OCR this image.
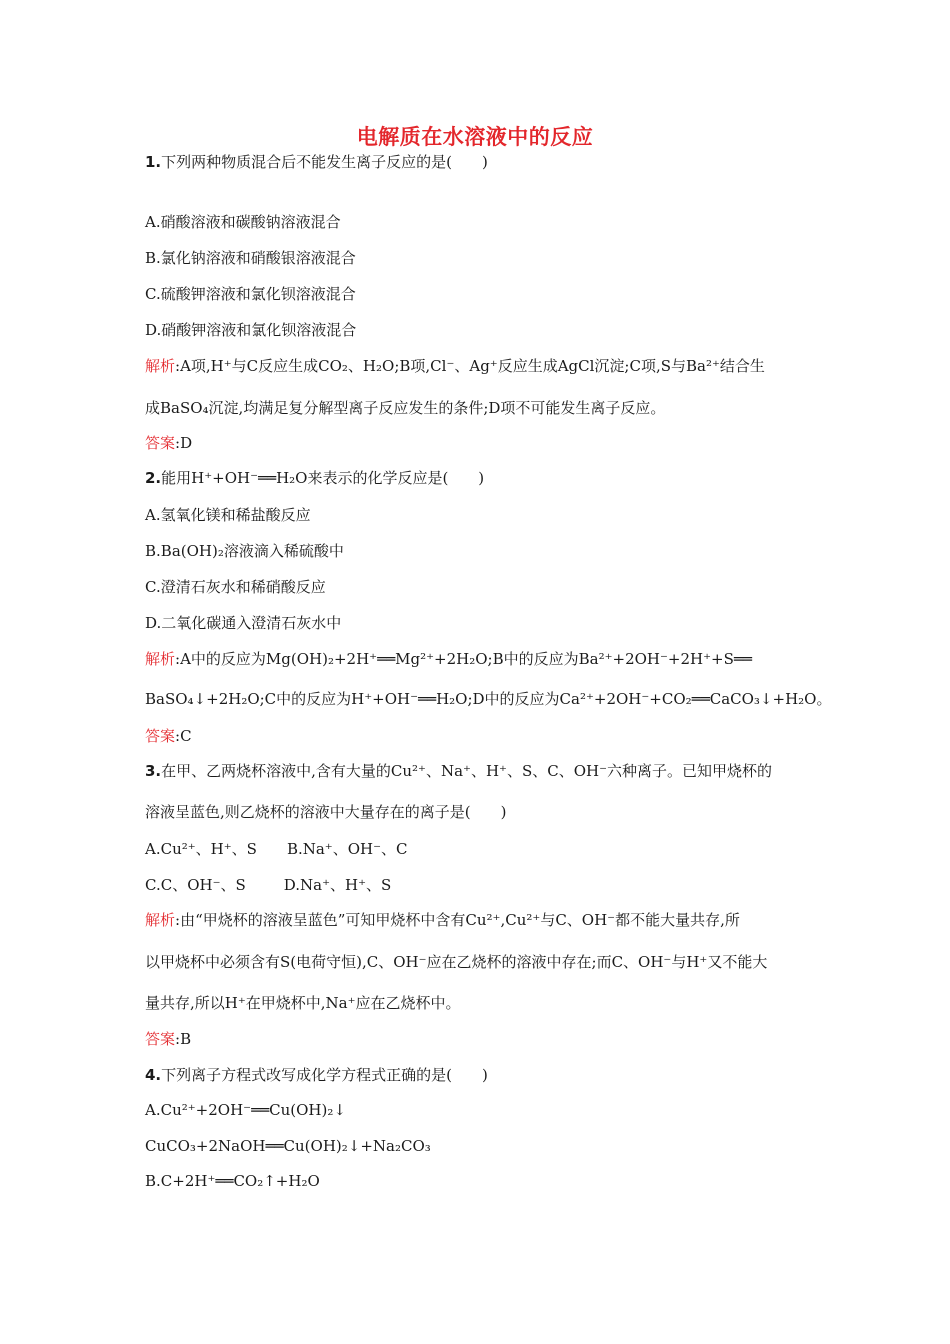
电解质在水溶液中的反应
1.下列两种物质混合后不能发生离子反应的是(　　)
A.硝酸溶液和碳酸钠溶液混合
B.氯化钠溶液和硝酸银溶液混合
C.硫酸钾溶液和氯化钡溶液混合
D.硝酸钾溶液和氯化钡溶液混合
解析:A项,H⁺与C反应生成CO₂、H₂O;B项,Cl⁻、Ag⁺反应生成AgCl沉淀;C项,S与Ba²⁺结合生
成BaSO₄沉淀,均满足复分解型离子反应发生的条件;D项不可能发生离子反应。
答案:D
2.能用H⁺+OH⁻══H₂O来表示的化学反应是(　　)
A.氢氧化镁和稀盐酸反应
B.Ba(OH)₂溶液滴入稀硫酸中
C.澄清石灰水和稀硝酸反应
D.二氧化碳通入澄清石灰水中
解析:A中的反应为Mg(OH)₂+2H⁺══Mg²⁺+2H₂O;B中的反应为Ba²⁺+2OH⁻+2H⁺+S══
BaSO₄↓+2H₂O;C中的反应为H⁺+OH⁻══H₂O;D中的反应为Ca²⁺+2OH⁻+CO₂══CaCO₃↓+H₂O。
答案:C
3.在甲、乙两烧杯溶液中,含有大量的Cu²⁺、Na⁺、H⁺、S、C、OH⁻六种离子。已知甲烧杯的
溶液呈蓝色,则乙烧杯的溶液中大量存在的离子是(　　)
A.Cu²⁺、H⁺、S B.Na⁺、OH⁻、C
C.C、OH⁻、S	D.Na⁺、H⁺、S
解析:由“甲烧杯的溶液呈蓝色”可知甲烧杯中含有Cu²⁺,Cu²⁺与C、OH⁻都不能大量共存,所
以甲烧杯中必须含有S(电荷守恒),C、OH⁻应在乙烧杯的溶液中存在;而C、OH⁻与H⁺又不能大
量共存,所以H⁺在甲烧杯中,Na⁺应在乙烧杯中。
答案:B
4.下列离子方程式改写成化学方程式正确的是(　　)
A.Cu²⁺+2OH⁻══Cu(OH)₂↓
CuCO₃+2NaOH══Cu(OH)₂↓+Na₂CO₃
B.C+2H⁺══CO₂↑+H₂O
